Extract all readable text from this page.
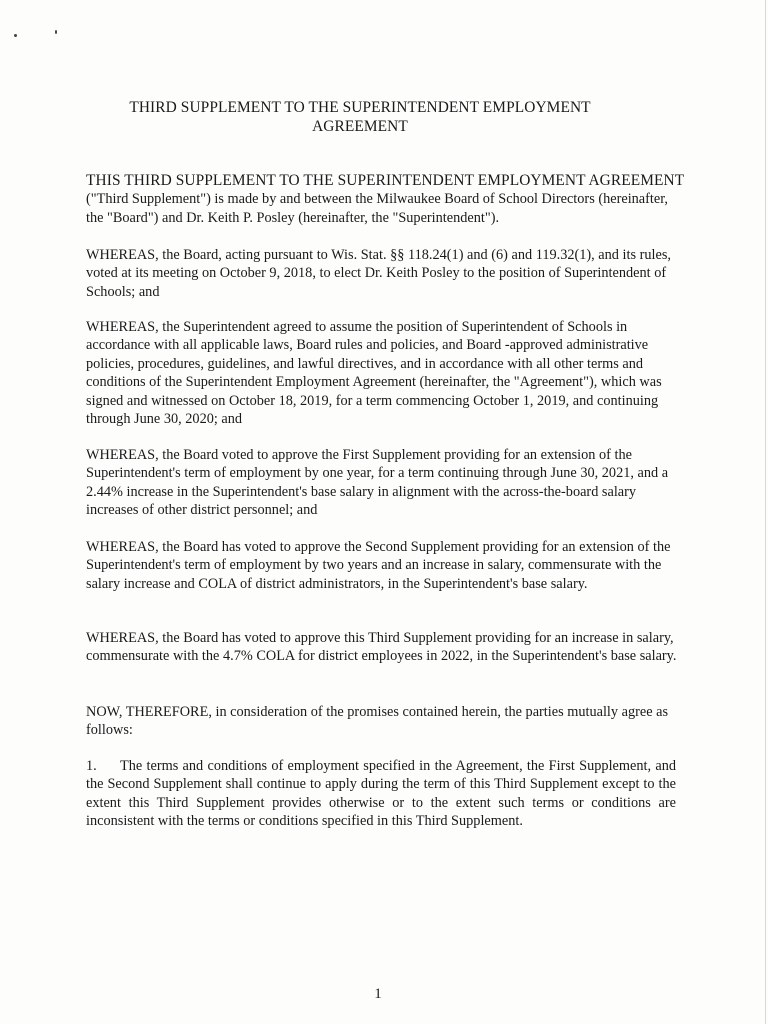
THIRD SUPPLEMENT TO THE SUPERINTENDENT EMPLOYMENT
AGREEMENT
THIS THIRD SUPPLEMENT TO THE SUPERINTENDENT EMPLOYMENT AGREEMENT ("Third Supplement") is made by and between the Milwaukee Board of School Directors (hereinafter, the "Board") and Dr. Keith P. Posley (hereinafter, the "Superintendent").
WHEREAS, the Board, acting pursuant to Wis. Stat. §§ 118.24(1) and (6) and 119.32(1), and its rules, voted at its meeting on October 9, 2018, to elect Dr. Keith Posley to the position of Superintendent of Schools; and
WHEREAS, the Superintendent agreed to assume the position of Superintendent of Schools in accordance with all applicable laws, Board rules and policies, and Board -approved administrative policies, procedures, guidelines, and lawful directives, and in accordance with all other terms and conditions of the Superintendent Employment Agreement (hereinafter, the "Agreement"), which was signed and witnessed on October 18, 2019, for a term commencing October 1, 2019, and continuing through June 30, 2020; and
WHEREAS, the Board voted to approve the First Supplement providing for an extension of the Superintendent's term of employment by one year, for a term continuing through June 30, 2021, and a 2.44% increase in the Superintendent's base salary in alignment with the across-the-board salary increases of other district personnel; and
WHEREAS, the Board has voted to approve the Second Supplement providing for an extension of the Superintendent's term of employment by two years and an increase in salary, commensurate with the salary increase and COLA of district administrators, in the Superintendent's base salary.
WHEREAS, the Board has voted to approve this Third Supplement providing for an increase in salary, commensurate with the 4.7% COLA for district employees in 2022, in the Superintendent's base salary.
NOW, THEREFORE, in consideration of the promises contained herein, the parties mutually agree as follows:
1. The terms and conditions of employment specified in the Agreement, the First Supplement, and the Second Supplement shall continue to apply during the term of this Third Supplement except to the extent this Third Supplement provides otherwise or to the extent such terms or conditions are inconsistent with the terms or conditions specified in this Third Supplement.
1
